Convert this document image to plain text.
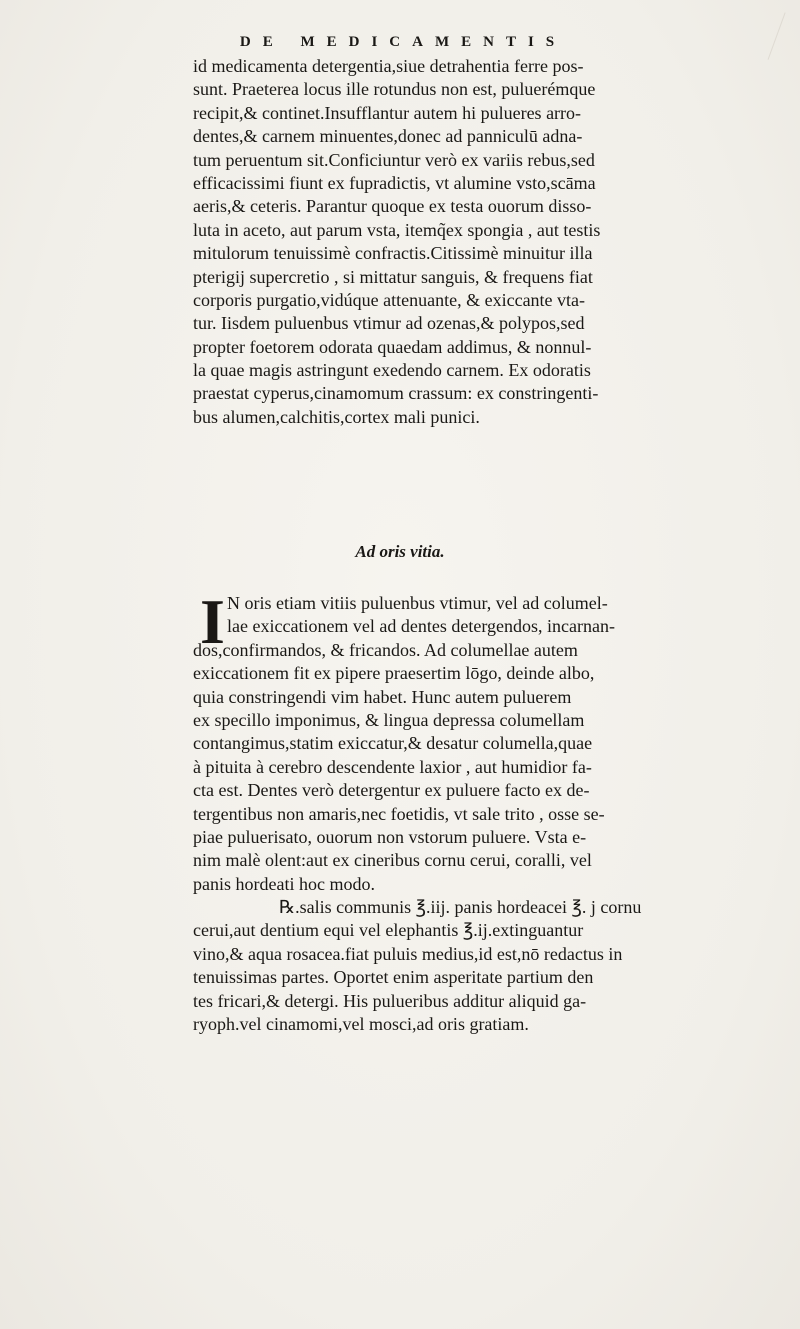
DE MEDICAMENTIS
id medicamenta detergentia,siue detrahentia ferre pos-
sunt. Praeterea locus ille rotundus non est, puluerémque
recipit,& continet.Insufflantur autem hi pulueres arro-
dentes,& carnem minuentes,donec ad panniculū adna-
tum peruentum sit.Conficiuntur verò ex variis rebus,sed
efficacissimi fiunt ex fupradictis, vt alumine vsto,scāma
aeris,& ceteris. Parantur quoque ex testa ouorum disso-
luta in aceto, aut parum vsta, itemq̃ex spongia , aut testis
mitulorum tenuissimè confractis.Citissimè minuitur illa
pterigij supercretio , si mittatur sanguis, & frequens fiat
corporis purgatio,vidúque attenuante, & exiccante vta-
tur. Iisdem puluenbus vtimur ad ozenas,& polypos,sed
propter foetorem odorata quaedam addimus, & nonnul-
la quae magis astringunt exedendo carnem. Ex odoratis
praestat cyperus,cinamomum crassum: ex constringenti-
bus alumen,calchitis,cortex mali punici.
Ad oris vitia.
I N oris etiam vitiis puluenbus vtimur, vel ad columel-
lae exiccationem vel ad dentes detergendos, incarnan-
dos,confirmandos, & fricandos. Ad columellae autem
exiccationem fit ex pipere praesertim lōgo, deinde albo,
quia constringendi vim habet. Hunc autem puluerem
ex specillo imponimus, & lingua depressa columellam
contangimus,statim exiccatur,& desatur columella,quae
à pituita à cerebro descendente laxior , aut humidior fa-
cta est. Dentes verò detergentur ex puluere facto ex de-
tergentibus non amaris,nec foetidis, vt sale trito , osse se-
piae puluerisato, ouorum non vstorum puluere. Vsta e-
nim malè olent:aut ex cineribus cornu cerui, coralli, vel
panis hordeati hoc modo.
℞.salis communis ℥.iij. panis hordeacei ℥. j cornu
cerui,aut dentium equi vel elephantis ℥.ij.extinguantur
vino,& aqua rosacea.fiat puluis medius,id est,nō redactus in
tenuissimas partes. Oportet enim asperitate partium den
tes fricari,& detergi. His pulueribus additur aliquid ga-
ryoph.vel cinamomi,vel mosci,ad oris gratiam.
